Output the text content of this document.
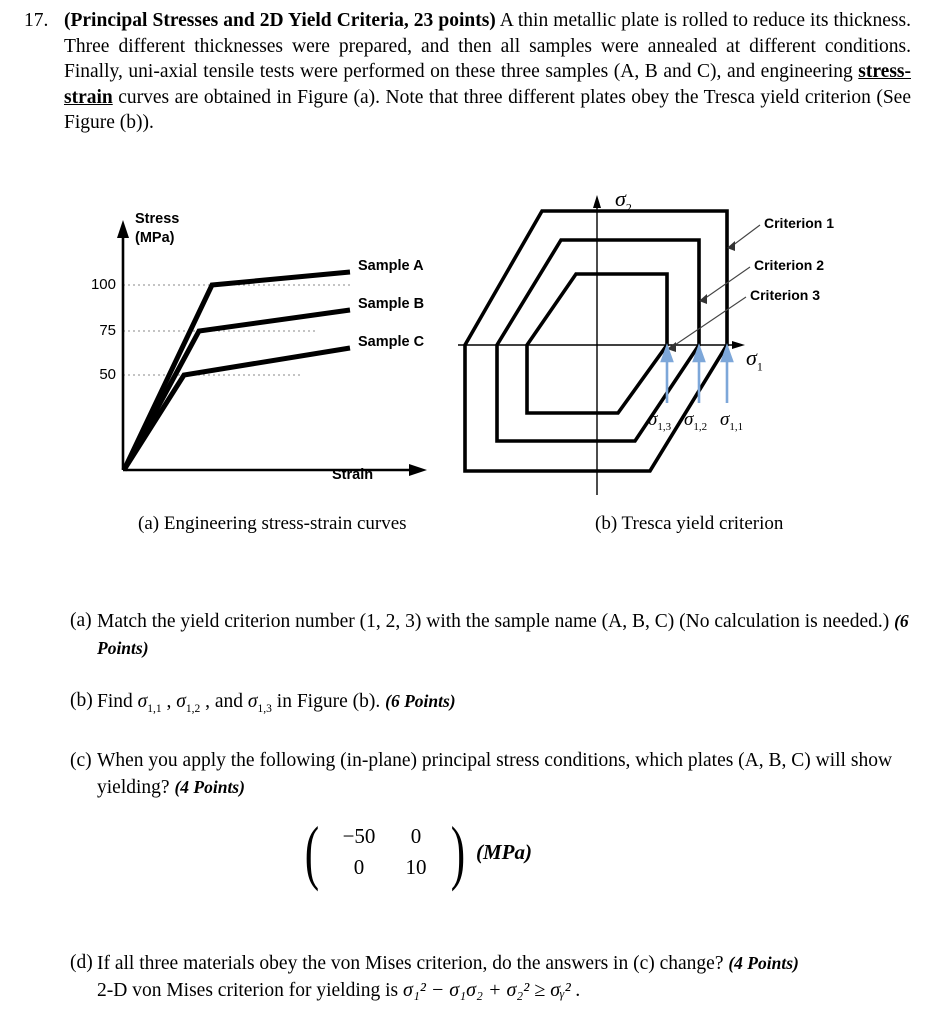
17. (Principal Stresses and 2D Yield Criteria, 23 points) A thin metallic plate is rolled to reduce its thickness. Three different thicknesses were prepared, and then all samples were annealed at different conditions. Finally, uni-axial tensile tests were performed on these three samples (A, B and C), and engineering stress-strain curves are obtained in Figure (a). Note that three different plates obey the Tresca yield criterion (See Figure (b)).
Stress
(MPa)
Strain
100
75
50
Sample A
Sample B
Sample C
$\sigma_2$
$\sigma_1$
Criterion 1
Criterion 2
Criterion 3
$\sigma_{1,3}$ $\sigma_{1,2}$ $\sigma_{1,1}$
(a) Engineering stress-strain curves	(b) Tresca yield criterion
(a) Match the yield criterion number (1, 2, 3) with the sample name (A, B, C) (No calculation is needed.) (6 Points)
(b) Find $\sigma_{1,1}$ , $\sigma_{1,2}$ , and $\sigma_{1,3}$ in Figure (b). (6 Points)
(c) When you apply the following (in-plane) principal stress conditions, which plates (A, B, C) will show yielding? (4 Points)
(	−50	0
0	10 ) (MPa)
(d) If all three materials obey the von Mises criterion, do the answers in (c) change? (4 Points)
2-D von Mises criterion for yielding is σ₁² − σ₁σ₂ + σ₂² ≥ σᵧ² .
